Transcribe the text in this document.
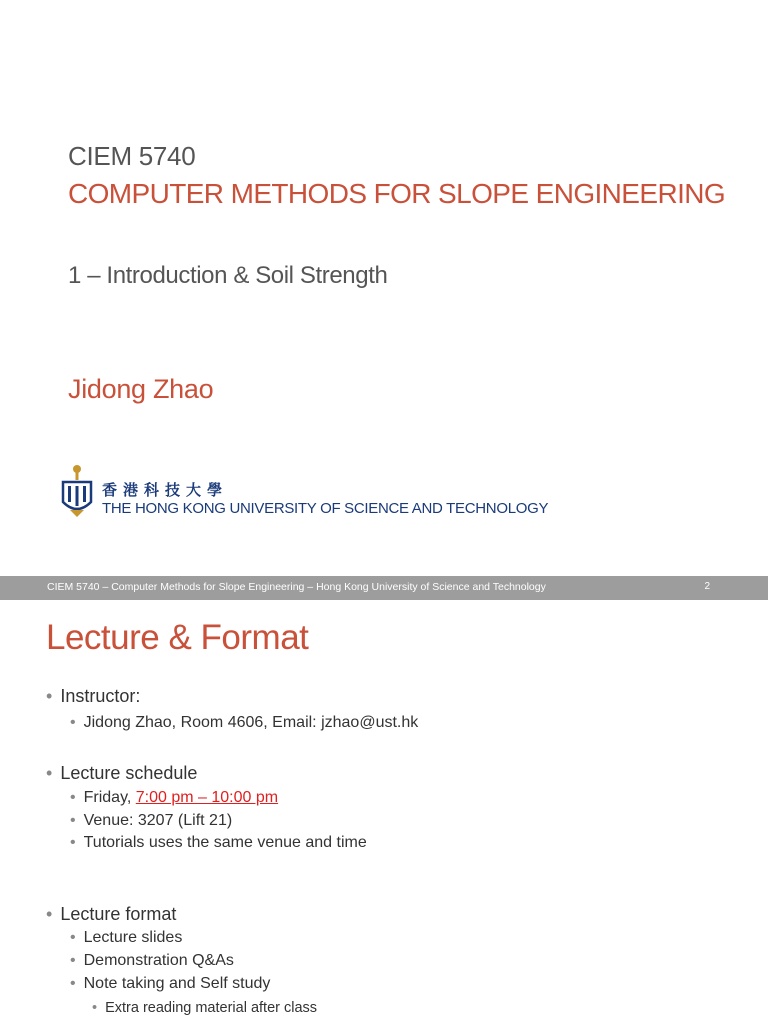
CIEM 5740
COMPUTER METHODS FOR SLOPE ENGINEERING
1 – Introduction & Soil Strength
Jidong Zhao
香港科技大學
THE HONG KONG UNIVERSITY OF SCIENCE AND TECHNOLOGY
CIEM 5740 – Computer Methods for Slope Engineering – Hong Kong University of Science and Technology	2
Lecture & Format
• Instructor:
• Jidong Zhao, Room 4606, Email: jzhao@ust.hk
• Lecture schedule
• Friday, 7:00 pm – 10:00 pm
• Venue: 3207 (Lift 21)
• Tutorials uses the same venue and time
• Lecture format
• Lecture slides
• Demonstration Q&As
• Note taking and Self study
• Extra reading material after class
